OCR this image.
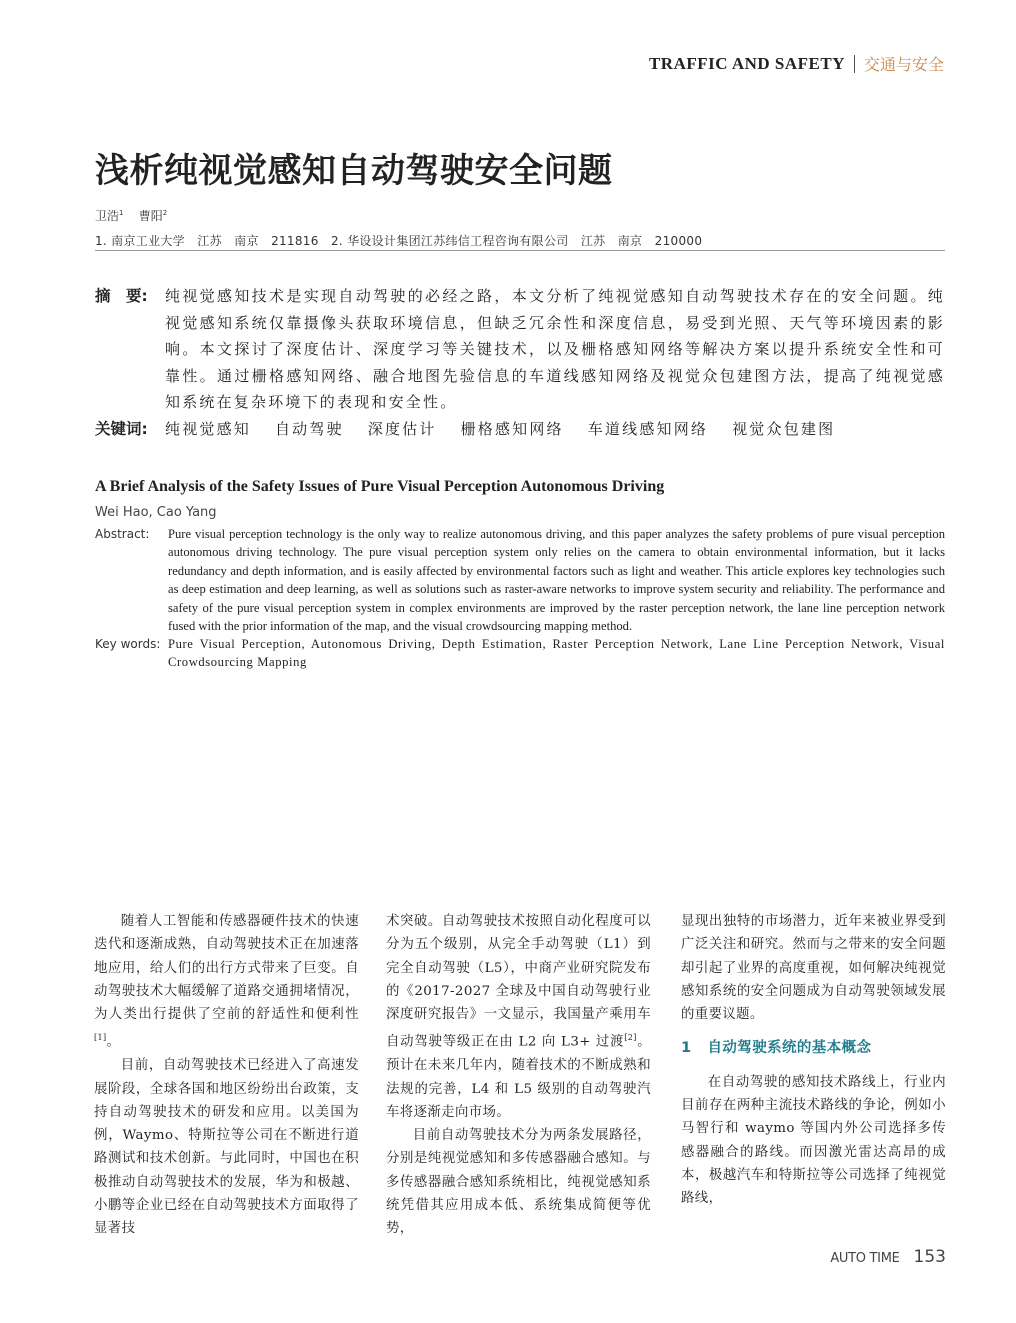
TRAFFIC AND SAFETY 交通与安全
浅析纯视觉感知自动驾驶安全问题
卫浩$^1$ 曹阳$^2$
1. 南京工业大学　江苏　南京　211816　2. 华设设计集团江苏纬信工程咨询有限公司　江苏　南京　210000
摘　要: 纯视觉感知技术是实现自动驾驶的必经之路，本文分析了纯视觉感知自动驾驶技术存在的安全问题。纯视觉感知系统仅靠摄像头获取环境信息，但缺乏冗余性和深度信息，易受到光照、天气等环境因素的影响。本文探讨了深度估计、深度学习等关键技术，以及栅格感知网络等解决方案以提升系统安全性和可靠性。通过栅格感知网络、融合地图先验信息的车道线感知网络及视觉众包建图方法，提高了纯视觉感知系统在复杂环境下的表现和安全性。
关键词: 纯视觉感知 自动驾驶 深度估计 栅格感知网络 车道线感知网络 视觉众包建图
A Brief Analysis of the Safety Issues of Pure Visual Perception Autonomous Driving
Wei Hao, Cao Yang
Abstract: Pure visual perception technology is the only way to realize autonomous driving, and this paper analyzes the safety problems of pure visual perception autonomous driving technology. The pure visual perception system only relies on the camera to obtain environmental information, but it lacks redundancy and depth information, and is easily affected by environmental factors such as light and weather. This article explores key technologies such as deep estimation and deep learning, as well as solutions such as raster-aware networks to improve system security and reliability. The performance and safety of the pure visual perception system in complex environments are improved by the raster perception network, the lane line perception network fused with the prior information of the map, and the visual crowdsourcing mapping method.
Key words: Pure Visual Perception, Autonomous Driving, Depth Estimation, Raster Perception Network, Lane Line Perception Network, Visual Crowdsourcing Mapping

随着人工智能和传感器硬件技术的快速迭代和逐渐成熟，自动驾驶技术正在加速落地应用，给人们的出行方式带来了巨变。自动驾驶技术大幅缓解了道路交通拥堵情况，为人类出行提供了空前的舒适性和便利性[1]。

目前，自动驾驶技术已经进入了高速发展阶段，全球各国和地区纷纷出台政策，支持自动驾驶技术的研发和应用。以美国为例，Waymo、特斯拉等公司在不断进行道路测试和技术创新。与此同时，中国也在积极推动自动驾驶技术的发展，华为和极越、小鹏等企业已经在自动驾驶技术方面取得了显著技

术突破。自动驾驶技术按照自动化程度可以分为五个级别，从完全手动驾驶（L1）到完全自动驾驶（L5），中商产业研究院发布的《2017-2027 全球及中国自动驾驶行业深度研究报告》一文显示，我国量产乘用车自动驾驶等级正在由 L2 向 L3+ 过渡[2]。预计在未来几年内，随着技术的不断成熟和法规的完善，L4 和 L5 级别的自动驾驶汽车将逐渐走向市场。

目前自动驾驶技术分为两条发展路径，分别是纯视觉感知和多传感器融合感知。与多传感器融合感知系统相比，纯视觉感知系统凭借其应用成本低、系统集成简便等优势，

显现出独特的市场潜力，近年来被业界受到广泛关注和研究。然而与之带来的安全问题却引起了业界的高度重视，如何解决纯视觉感知系统的安全问题成为自动驾驶领域发展的重要议题。

1 自动驾驶系统的基本概念

在自动驾驶的感知技术路线上，行业内目前存在两种主流技术路线的争论，例如小马智行和 waymo 等国内外公司选择多传感器融合的路线。而因激光雷达高昂的成本，极越汽车和特斯拉等公司选择了纯视觉路线，

AUTO TIME 153
